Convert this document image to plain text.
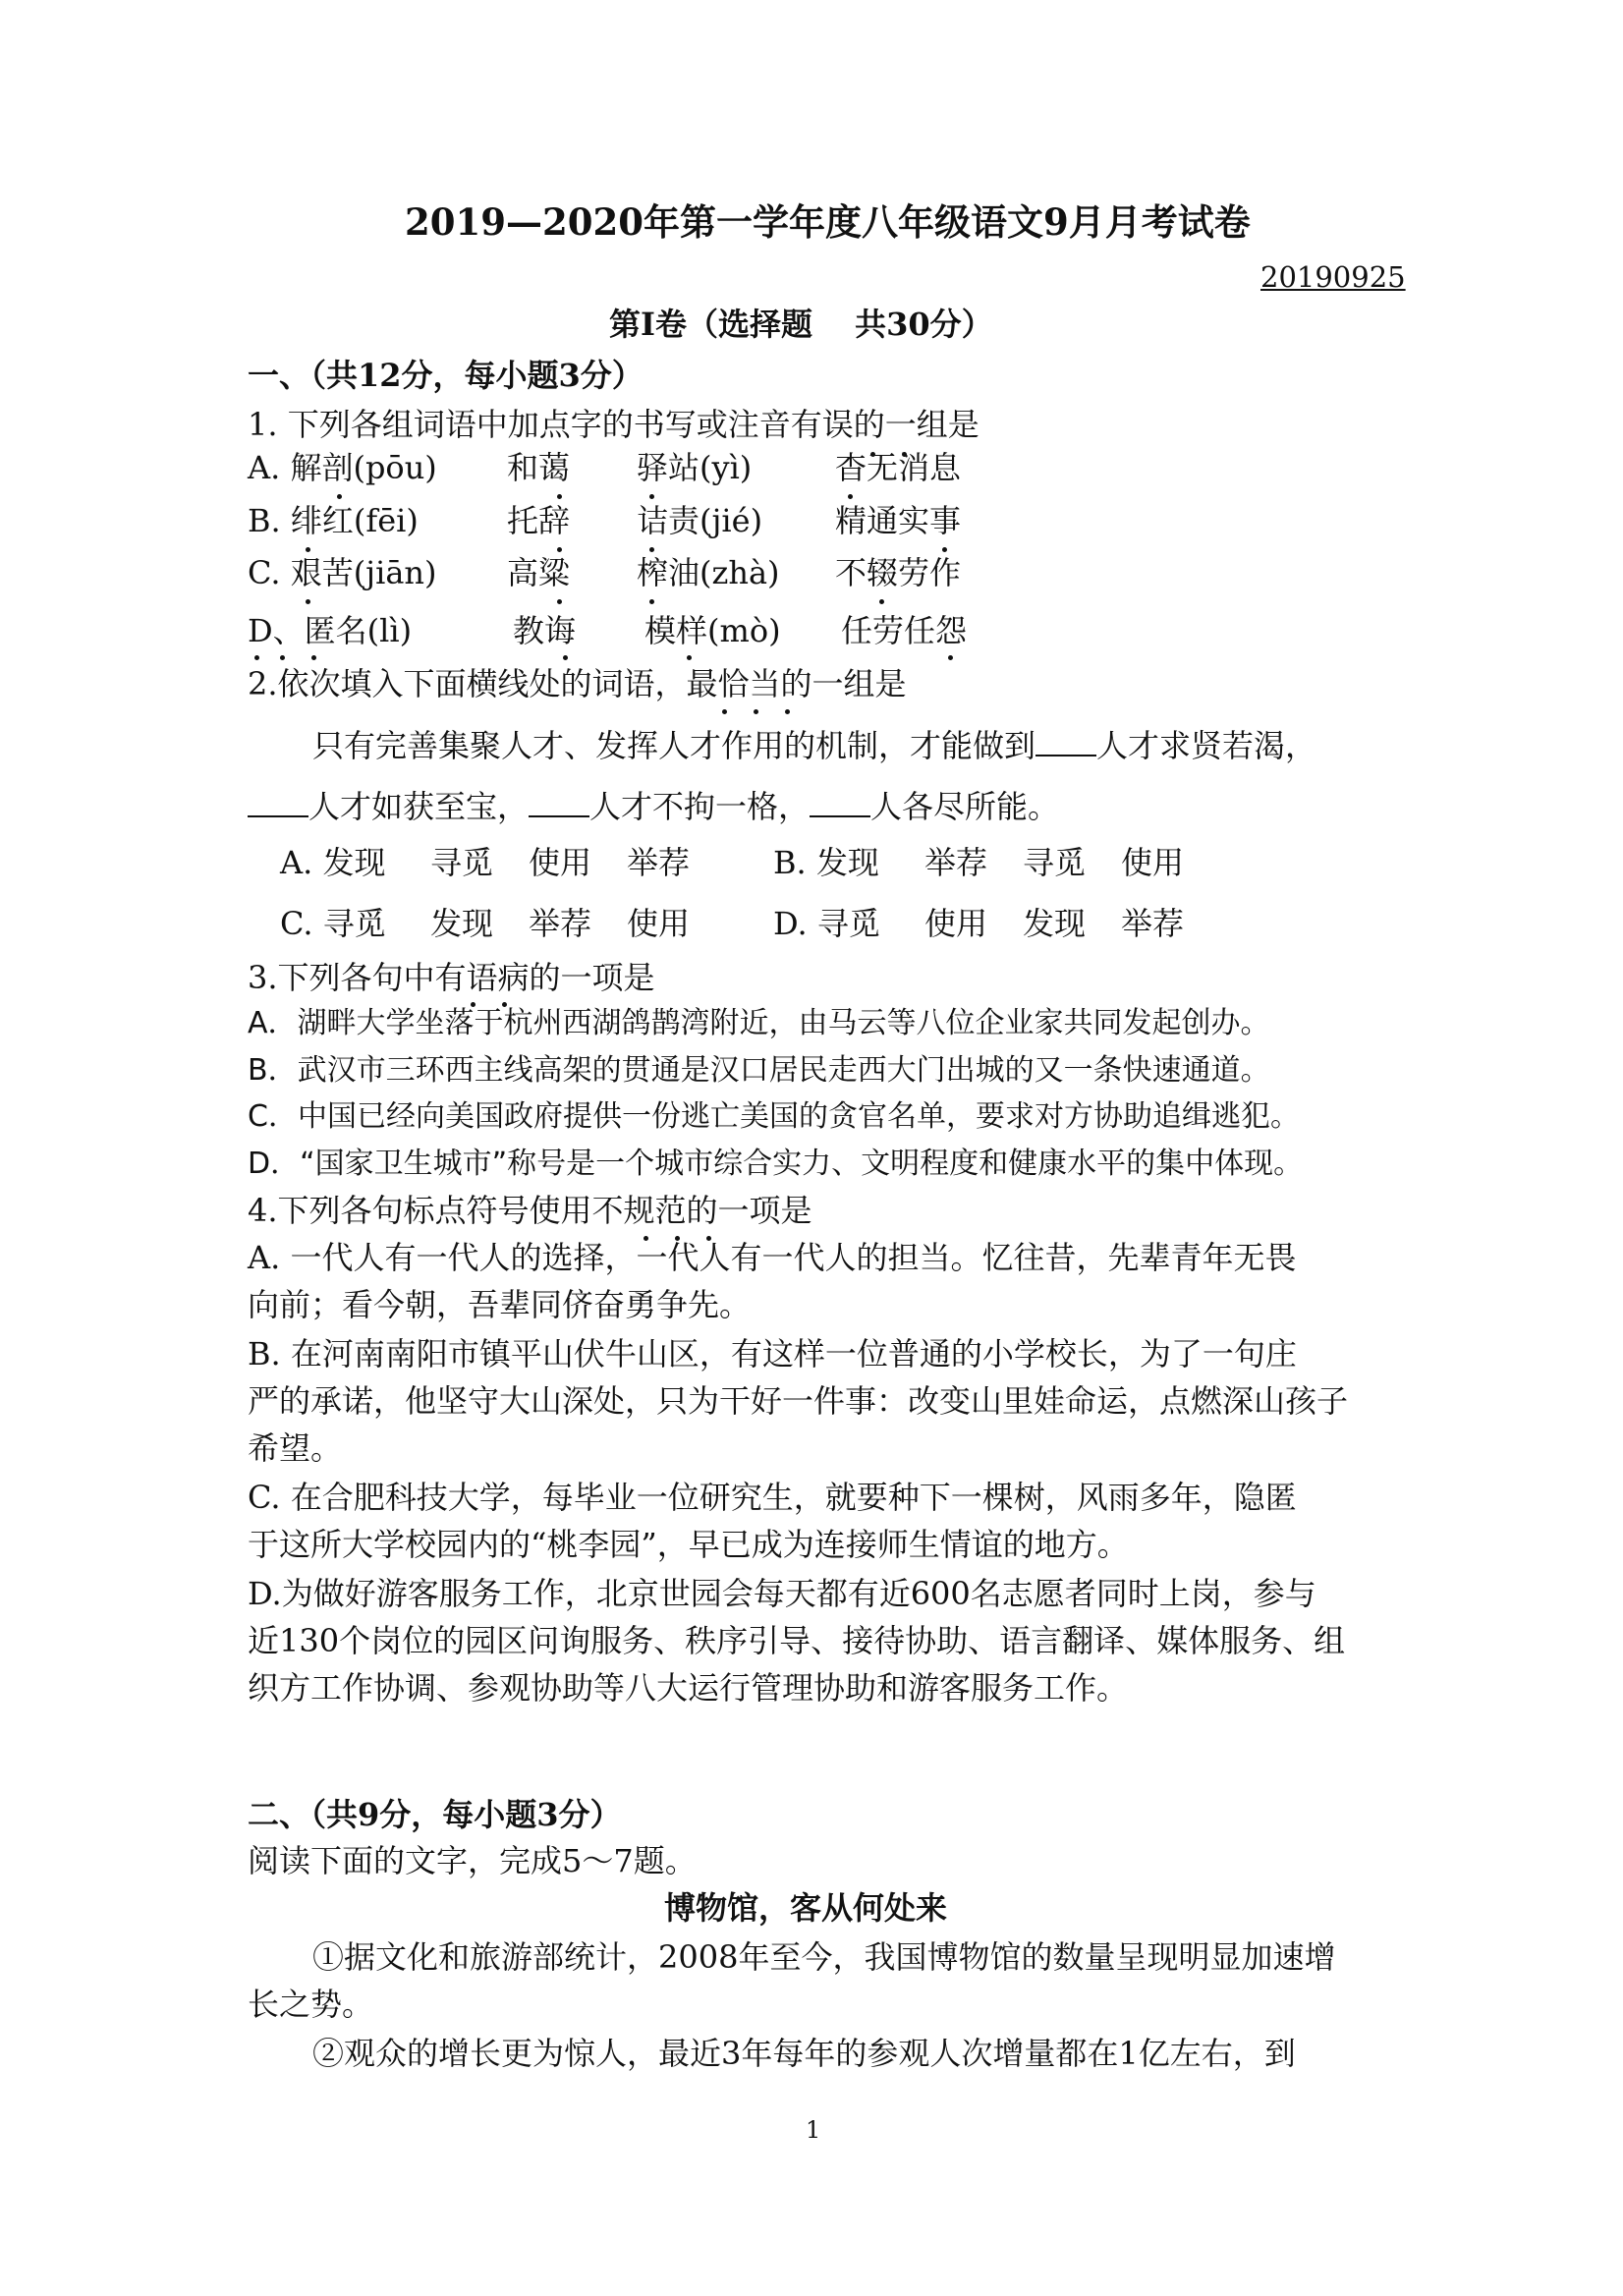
2019—2020年第一学年度八年级语文9月月考试卷
20190925
第Ⅰ卷（选择题　 共30分）
一、（共12分，每小题3分）
1. 下列各组词语中加点字的书写或注音有误的一组是
A. 解剖(pōu) 和蔼 驿站(yì)	杳无消息
B. 绯红(fēi)	托辞 诘责(jié) 精通实事
C. 艰苦(jiān) 高粱 榨油(zhà) 不辍劳作
D、匿名(lì)	教诲 模样(mò) 任劳任怨
2.依次填入下面横线处的词语，最恰当的一组是
只有完善集聚人才、发挥人才作用的机制，才能做到 人才求贤若渴，
人才如获至宝， 人才不拘一格， 人各尽所能。
A. 发现 寻觅 使用 举荐	B. 发现 举荐 寻觅 使用
C. 寻觅 发现 举荐 使用	D. 寻觅 使用 发现 举荐
3.下列各句中有语病的一项是
A．湖畔大学坐落于杭州西湖鸽鹊湾附近，由马云等八位企业家共同发起创办。
B．武汉市三环西主线高架的贯通是汉口居民走西大门出城的又一条快速通道。
C．中国已经向美国政府提供一份逃亡美国的贪官名单，要求对方协助追缉逃犯。
D．“国家卫生城市”称号是一个城市综合实力、文明程度和健康水平的集中体现。
4.下列各句标点符号使用不规范的一项是
A. 一代人有一代人的选择，一代人有一代人的担当。忆往昔，先辈青年无畏
向前；看今朝，吾辈同侪奋勇争先。
B. 在河南南阳市镇平山伏牛山区，有这样一位普通的小学校长，为了一句庄
严的承诺，他坚守大山深处，只为干好一件事：改变山里娃命运，点燃深山孩子
希望。
C. 在合肥科技大学，每毕业一位研究生，就要种下一棵树，风雨多年，隐匿
于这所大学校园内的“桃李园”，早已成为连接师生情谊的地方。
D.为做好游客服务工作，北京世园会每天都有近600名志愿者同时上岗，参与
近130个岗位的园区问询服务、秩序引导、接待协助、语言翻译、媒体服务、组
织方工作协调、参观协助等八大运行管理协助和游客服务工作。
二、（共9分，每小题3分）
阅读下面的文字，完成5～7题。
博物馆，客从何处来
①据文化和旅游部统计，2008年至今，我国博物馆的数量呈现明显加速增
长之势。
②观众的增长更为惊人，最近3年每年的参观人次增量都在1亿左右，到
1
